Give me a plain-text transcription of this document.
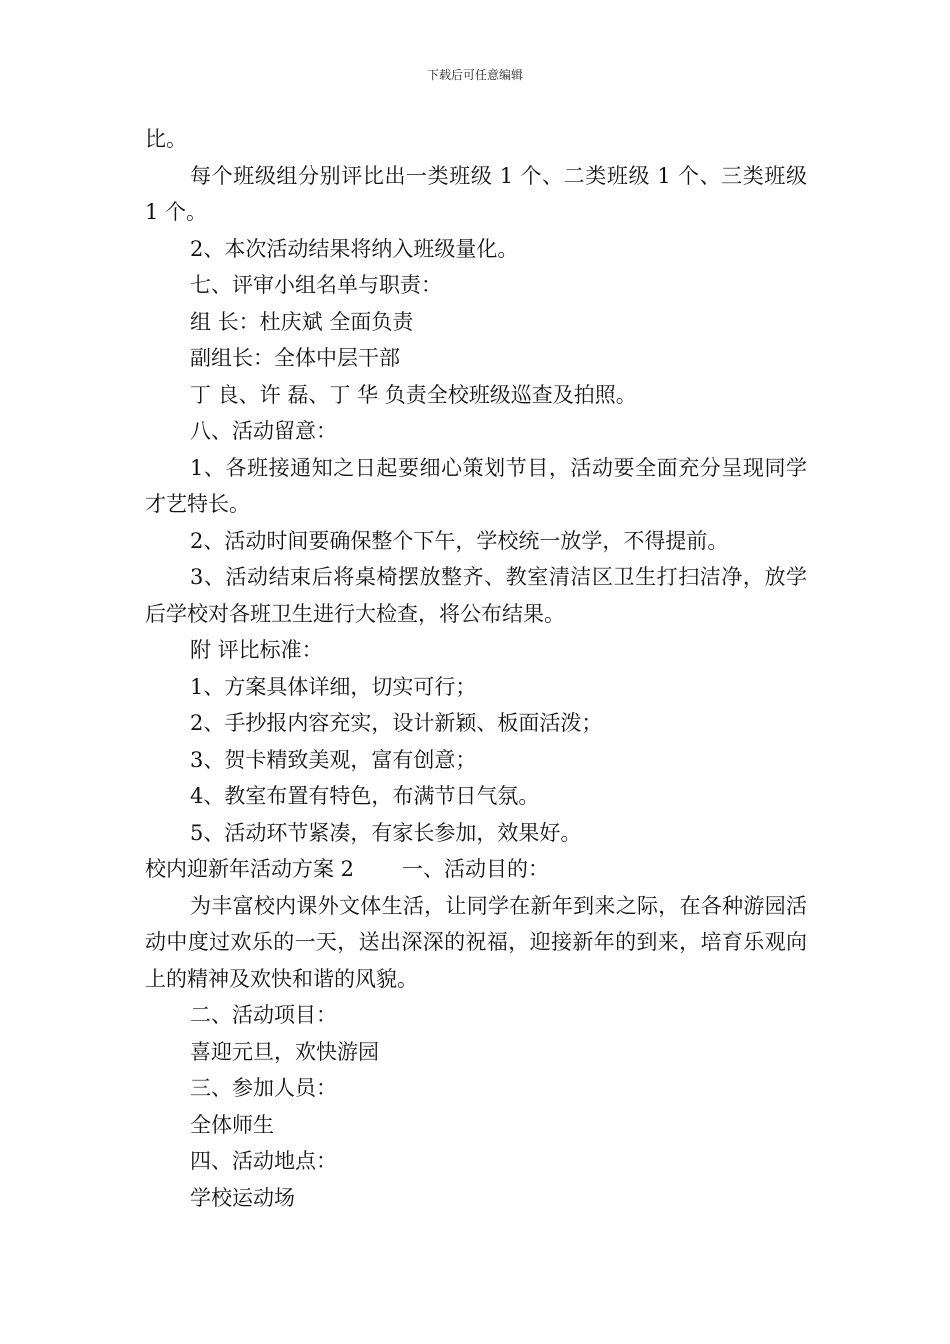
下载后可任意编辑

比。

每个班级组分别评比出一类班级 1 个、二类班级 1 个、三类班级 1 个。

2、本次活动结果将纳入班级量化。

七、评审小组名单与职责：

组 长：杜庆斌 全面负责

副组长：全体中层干部

丁 良、许 磊、丁 华 负责全校班级巡查及拍照。

八、活动留意：

1、各班接通知之日起要细心策划节目，活动要全面充分呈现同学才艺特长。

2、活动时间要确保整个下午，学校统一放学，不得提前。

3、活动结束后将桌椅摆放整齐、教室清洁区卫生打扫洁净，放学后学校对各班卫生进行大检查，将公布结果。

附 评比标准：

1、方案具体详细，切实可行；

2、手抄报内容充实，设计新颖、板面活泼；

3、贺卡精致美观，富有创意；

4、教室布置有特色，布满节日气氛。

5、活动环节紧凑，有家长参加，效果好。

校内迎新年活动方案 2 一、活动目的：

为丰富校内课外文体生活，让同学在新年到来之际，在各种游园活动中度过欢乐的一天，送出深深的祝福，迎接新年的到来，培育乐观向上的精神及欢快和谐的风貌。

二、活动项目：

喜迎元旦，欢快游园

三、参加人员：

全体师生

四、活动地点：

学校运动场
